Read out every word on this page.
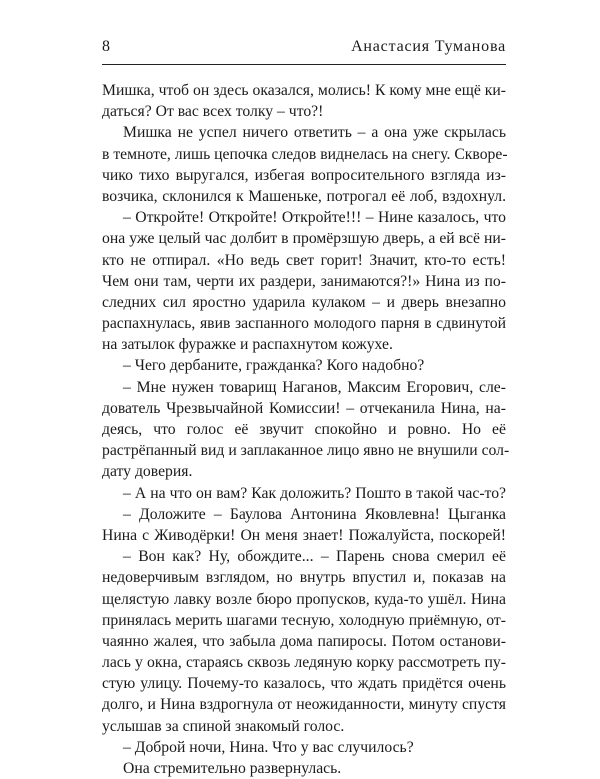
8	Анастасия Туманова
Мишка, чтоб он здесь оказался, молись! К кому мне ещё ки-
даться? От вас всех толку – что?!
Мишка не успел ничего ответить – а она уже скрылась
в темноте, лишь цепочка следов виднелась на снегу. Скворе-
чико тихо выругался, избегая вопросительного взгляда из-
возчика, склонился к Машеньке, потрогал её лоб, вздохнул.
– Откройте! Откройте! Откройте!!! – Нине казалось, что
она уже целый час долбит в промёрзшую дверь, а ей всё ни-
кто не отпирал. «Но ведь свет горит! Значит, кто-то есть!
Чем они там, черти их раздери, занимаются?!» Нина из по-
следних сил яростно ударила кулаком – и дверь внезапно
распахнулась, явив заспанного молодого парня в сдвинутой
на затылок фуражке и распахнутом кожухе.
– Чего дербаните, гражданка? Кого надобно?
– Мне нужен товарищ Наганов, Максим Егорович, сле-
дователь Чрезвычайной Комиссии! – отчеканила Нина, на-
деясь, что голос её звучит спокойно и ровно. Но её
растрёпанный вид и заплаканное лицо явно не внушили сол-
дату доверия.
– А на что он вам? Как доложить? Пошто в такой час-то?
– Доложите – Баулова Антонина Яковлевна! Цыганка
Нина с Живодёрки! Он меня знает! Пожалуйста, поскорей!
– Вон как? Ну, обождите... – Парень снова смерил её
недоверчивым взглядом, но внутрь впустил и, показав на
щелястую лавку возле бюро пропусков, куда-то ушёл. Нина
принялась мерить шагами тесную, холодную приёмную, от-
чаянно жалея, что забыла дома папиросы. Потом останови-
лась у окна, стараясь сквозь ледяную корку рассмотреть пу-
стую улицу. Почему-то казалось, что ждать придётся очень
долго, и Нина вздрогнула от неожиданности, минуту спустя
услышав за спиной знакомый голос.
– Доброй ночи, Нина. Что у вас случилось?
Она стремительно развернулась.
